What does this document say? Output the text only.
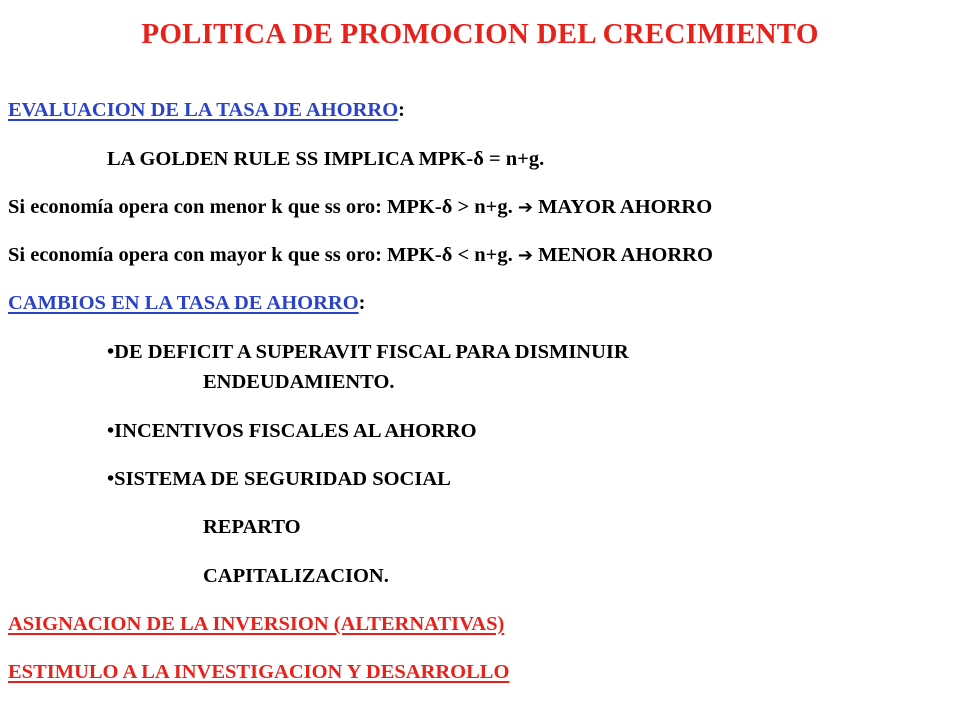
POLITICA DE PROMOCION DEL CRECIMIENTO
EVALUACION DE LA TASA DE AHORRO:
LA GOLDEN RULE SS IMPLICA MPK-δ = n+g.
Si economía opera con menor k que ss oro: MPK-δ > n+g. ➔ MAYOR AHORRO
Si economía opera con mayor k que ss oro: MPK-δ < n+g. ➔ MENOR AHORRO
CAMBIOS EN LA TASA DE AHORRO:
•DE DEFICIT A SUPERAVIT FISCAL PARA DISMINUIR
ENDEUDAMIENTO.
•INCENTIVOS FISCALES AL AHORRO
•SISTEMA DE SEGURIDAD SOCIAL
REPARTO
CAPITALIZACION.
ASIGNACION DE LA INVERSION (ALTERNATIVAS)
ESTIMULO A LA INVESTIGACION Y DESARROLLO
